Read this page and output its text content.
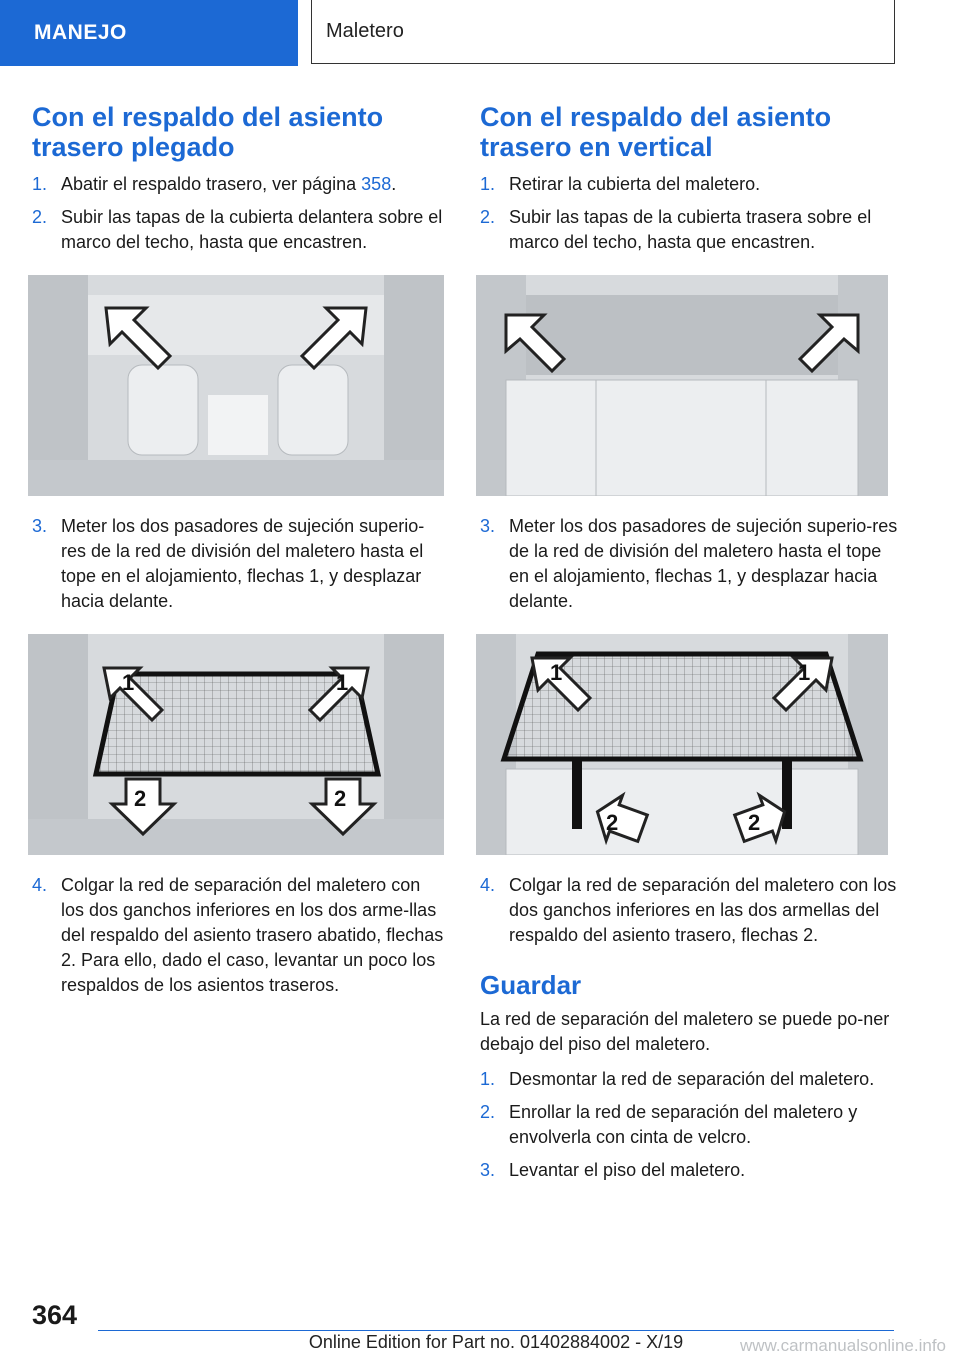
MANEJO	Maletero
Con el respaldo del asiento trasero plegado
1. Abatir el respaldo trasero, ver página 358.
2. Subir las tapas de la cubierta delantera sobre el marco del techo, hasta que encastren.
3. Meter los dos pasadores de sujeción superio-res de la red de división del maletero hasta el tope en el alojamiento, flechas 1, y desplazar hacia delante.
1	1
2	2
4. Colgar la red de separación del maletero con los dos ganchos inferiores en los dos arme-llas del respaldo del asiento trasero abatido, flechas 2. Para ello, dado el caso, levantar un poco los respaldos de los asientos traseros.
Con el respaldo del asiento trasero en vertical
1. Retirar la cubierta del maletero.
2. Subir las tapas de la cubierta trasera sobre el marco del techo, hasta que encastren.
3. Meter los dos pasadores de sujeción superio-res de la red de división del maletero hasta el tope en el alojamiento, flechas 1, y desplazar hacia delante.
1	1
2	2
4. Colgar la red de separación del maletero con los dos ganchos inferiores en las dos armellas del respaldo del asiento trasero, flechas 2.
Guardar

La red de separación del maletero se puede po-ner debajo del piso del maletero.

1. Desmontar la red de separación del maletero.
2. Enrollar la red de separación del maletero y envolverla con cinta de velcro.
3. Levantar el piso del maletero.
364
Online Edition for Part no. 01402884002 - X/19	www.carmanualsonline.info
